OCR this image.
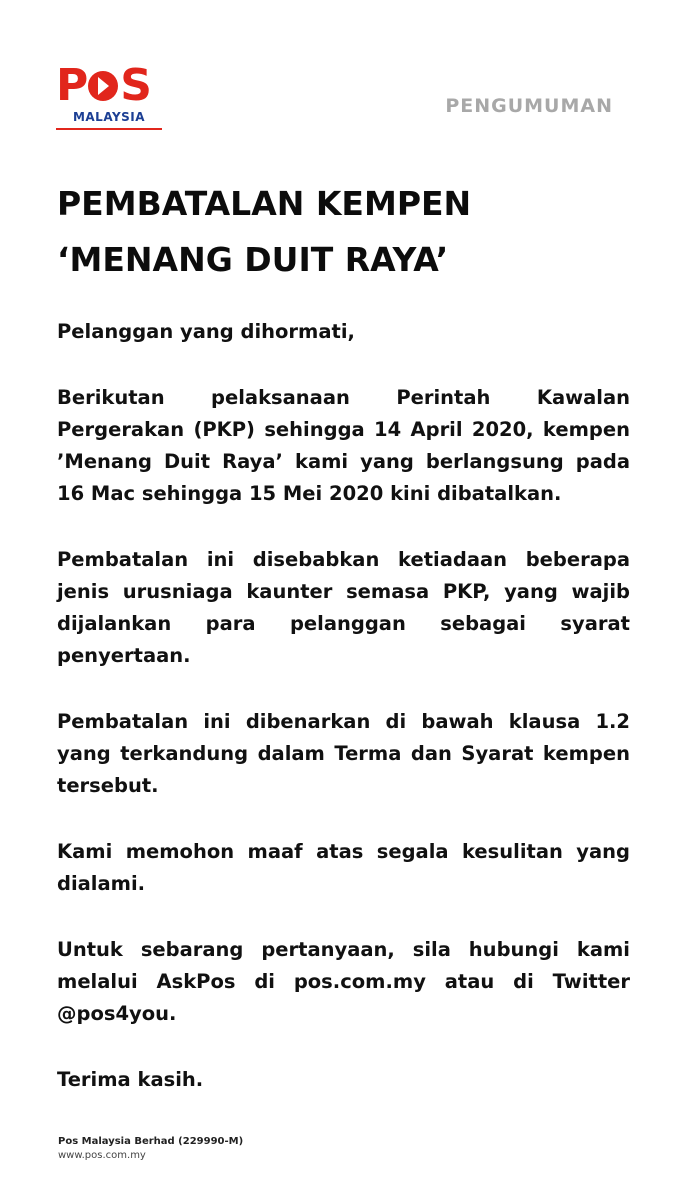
P S
MALAYSIA	PENGUMUMAN
PEMBATALAN KEMPEN
‘MENANG DUIT RAYA’

Pelanggan yang dihormati,

Berikutan pelaksanaan Perintah Kawalan Pergerakan (PKP) sehingga 14 April 2020, kempen ’Menang Duit Raya’ kami yang berlangsung pada 16 Mac sehingga 15 Mei 2020 kini dibatalkan.

Pembatalan ini disebabkan ketiadaan beberapa jenis urusniaga kaunter semasa PKP, yang wajib dijalankan para pelanggan sebagai syarat penyertaan.

Pembatalan ini dibenarkan di bawah klausa 1.2 yang terkandung dalam Terma dan Syarat kempen tersebut.

Kami memohon maaf atas segala kesulitan yang dialami.

Untuk sebarang pertanyaan, sila hubungi kami melalui AskPos di pos.com.my atau di Twitter @pos4you.

Terima kasih.

Pos Malaysia Berhad (229990-M)
www.pos.com.my
